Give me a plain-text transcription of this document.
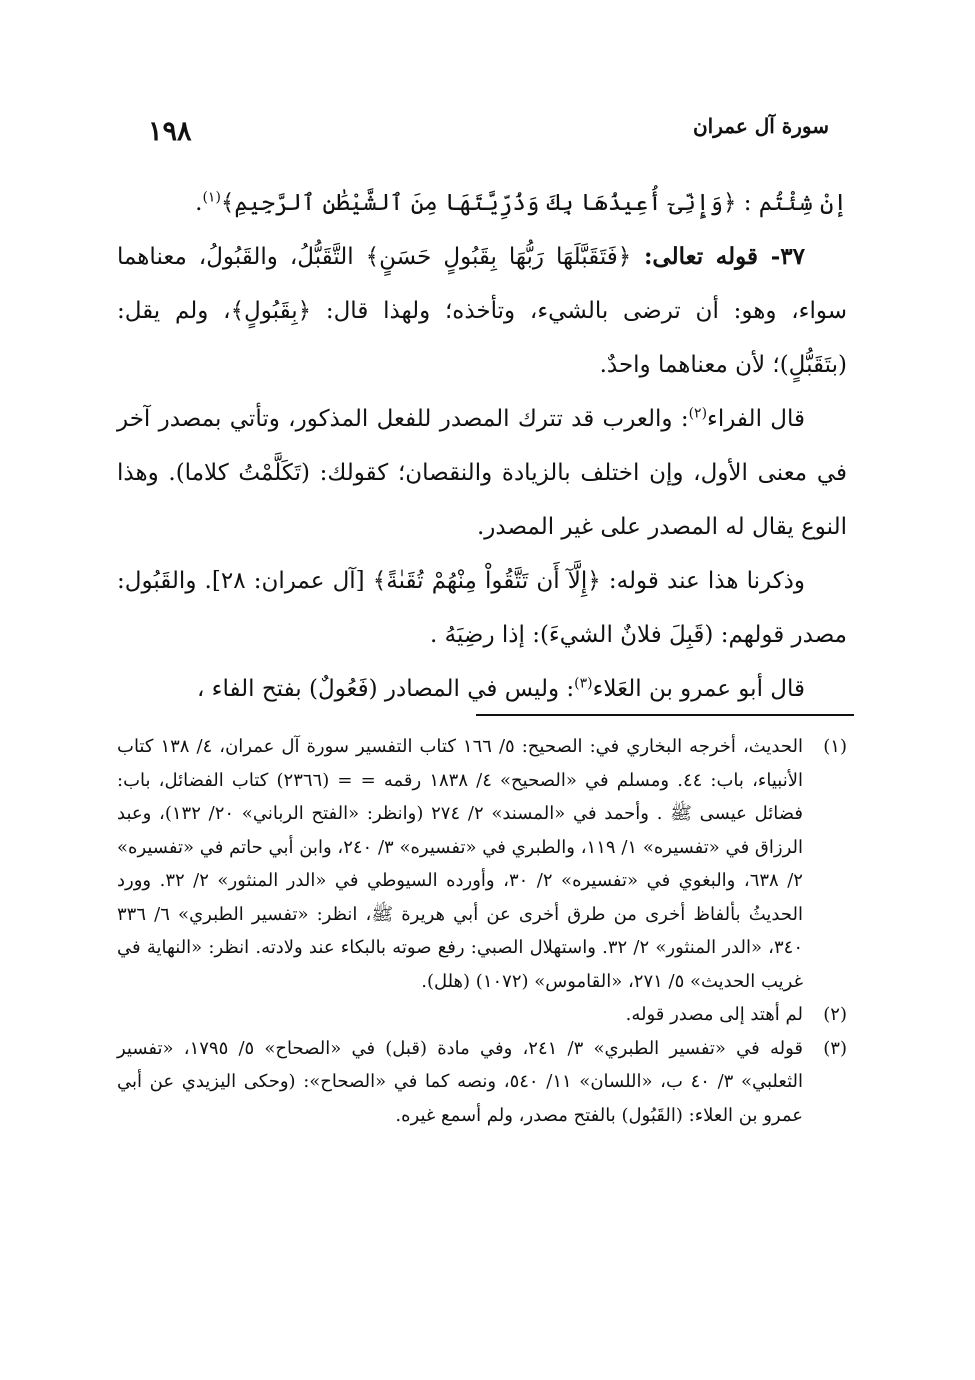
سورة آل عمران
١٩٨

إنْ شِئْتُم : ﴿وَإِنِّىٓ أُعِيذُهَا بِكَ وَذُرِّيَّتَهَا مِنَ ٱلشَّيْطَٰنِ ٱلرَّجِيمِ﴾$^{(١)}$.

٣٧- قوله تعالى: ﴿فَتَقَبَّلَهَا رَبُّهَا بِقَبُولٍ حَسَنٍ﴾ التَّقَبُّلُ، والقَبُولُ، معناهما سواء، وهو: أن ترضى بالشيء، وتأخذه؛ ولهذا قال: ﴿بِقَبُولٍ﴾، ولم يقل: (بتَقَبُّلٍ)؛ لأن معناهما واحدٌ.

قال الفراء$^{(٢)}$: والعرب قد تترك المصدر للفعل المذكور، وتأتي بمصدر آخر في معنى الأول، وإن اختلف بالزيادة والنقصان؛ كقولك: (تَكَلَّمْتُ كلاما). وهذا النوع يقال له المصدر على غير المصدر.

وذكرنا هذا عند قوله: ﴿إِلَّآ أَن تَتَّقُواْ مِنْهُمْ تُقَىٰةً﴾ [آل عمران: ٢٨]. والقَبُول: مصدر قولهم: (قَبِلَ فلانٌ الشيءَ): إذا رضِيَهُ .

قال أبو عمرو بن العَلاء$^{(٣)}$: وليس في المصادر (فَعُولٌ) بفتح الفاء ،

(١)
الحديث، أخرجه البخاري في: الصحيح: ٥/ ١٦٦ كتاب التفسير سورة آل عمران، ٤/ ١٣٨ كتاب الأنبياء، باب: ٤٤. ومسلم في «الصحيح» ٤/ ١٨٣٨ رقمه = = (٢٣٦٦) كتاب الفضائل، باب: فضائل عيسى ﷺ . وأحمد في «المسند» ٢/ ٢٧٤ (وانظر: «الفتح الرباني» ٢٠/ ١٣٢)، وعبد الرزاق في «تفسيره» ١/ ١١٩، والطبري في «تفسيره» ٣/ ٢٤٠، وابن أبي حاتم في «تفسيره» ٢/ ٦٣٨، والبغوي في «تفسيره» ٢/ ٣٠، وأورده السيوطي في «الدر المنثور» ٢/ ٣٢. وورد الحديثُ بألفاظ أخرى من طرق أخرى عن أبي هريرة ﷺ، انظر: «تفسير الطبري» ٦/ ٣٣٦ ٣٤٠، «الدر المنثور» ٢/ ٣٢. واستهلال الصبي: رفع صوته بالبكاء عند ولادته. انظر: «النهاية في غريب الحديث» ٥/ ٢٧١، «القاموس» (١٠٧٢) (هلل).
(٢)
لم أهتد إلى مصدر قوله.
(٣)
قوله في «تفسير الطبري» ٣/ ٢٤١، وفي مادة (قبل) في «الصحاح» ٥/ ١٧٩٥، «تفسير الثعلبي» ٣/ ٤٠ ب، «اللسان» ١١/ ٥٤٠، ونصه كما في «الصحاح»: (وحكى اليزيدي عن أبي عمرو بن العلاء: (القَبُول) بالفتح مصدر، ولم أسمع غيره.
